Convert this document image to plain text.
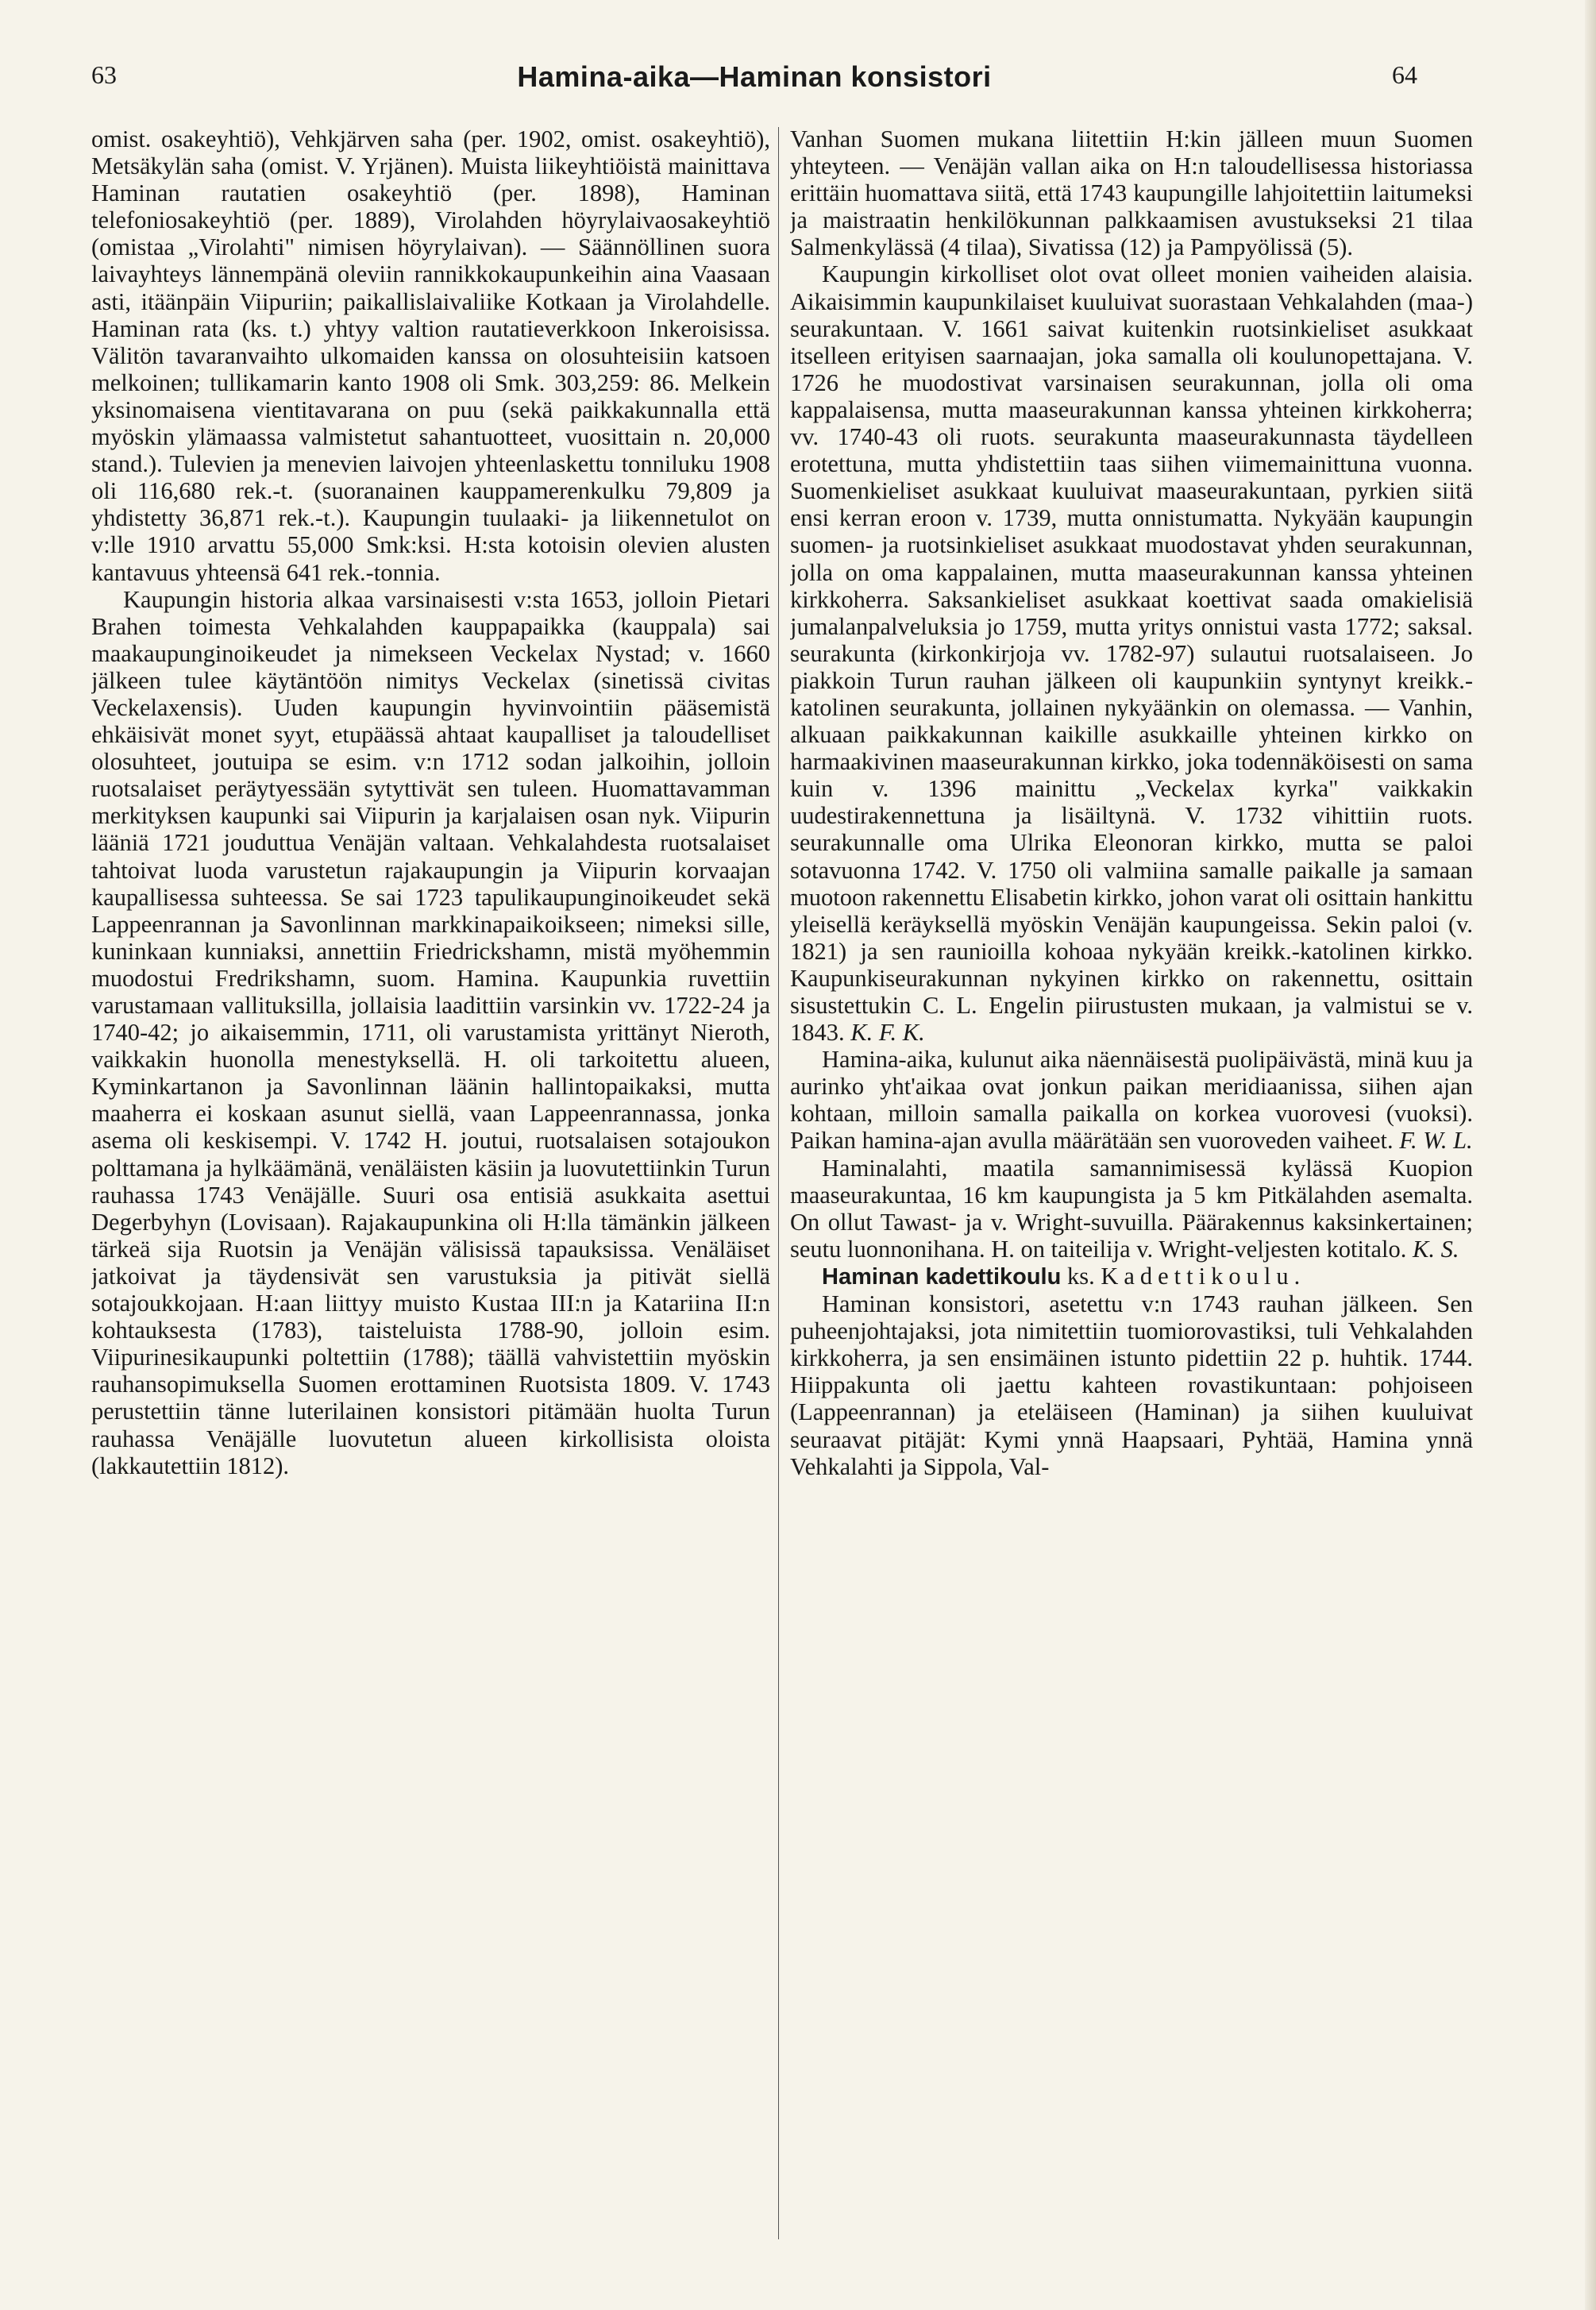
63	Hamina-aika—Haminan konsistori	64

omist. osakeyhtiö), Vehkjärven saha (per. 1902, omist. osakeyhtiö), Metsäkylän saha (omist. V. Yrjänen). Muista liikeyhtiöistä mainittava Haminan rautatien osakeyhtiö (per. 1898), Haminan telefoniosakeyhtiö (per. 1889), Virolahden höyrylaivaosakeyhtiö (omistaa „Virolahti" nimisen höyrylaivan). — Säännöllinen suora laivayhteys lännempänä oleviin rannikkokaupunkeihin aina Vaasaan asti, itäänpäin Viipuriin; paikallislaivaliike Kotkaan ja Virolahdelle. Haminan rata (ks. t.) yhtyy valtion rautatieverkkoon Inkeroisissa. Välitön tavaranvaihto ulkomaiden kanssa on olosuhteisiin katsoen melkoinen; tullikamarin kanto 1908 oli Smk. 303,259: 86. Melkein yksinomaisena vientitavarana on puu (sekä paikkakunnalla että myöskin ylämaassa valmistetut sahantuotteet, vuosittain n. 20,000 stand.). Tulevien ja menevien laivojen yhteenlaskettu tonniluku 1908 oli 116,680 rek.-t. (suoranainen kauppamerenkulku 79,809 ja yhdistetty 36,871 rek.-t.). Kaupungin tuulaaki- ja liikennetulot on v:lle 1910 arvattu 55,000 Smk:ksi. H:sta kotoisin olevien alusten kantavuus yhteensä 641 rek.-tonnia.

Kaupungin historia alkaa varsinaisesti v:sta 1653, jolloin Pietari Brahen toimesta Vehkalahden kauppapaikka (kauppala) sai maakaupunginoikeudet ja nimekseen Veckelax Nystad; v. 1660 jälkeen tulee käytäntöön nimitys Veckelax (sinetissä civitas Veckelaxensis). Uuden kaupungin hyvinvointiin pääsemistä ehkäisivät monet syyt, etupäässä ahtaat kaupalliset ja taloudelliset olosuhteet, joutuipa se esim. v:n 1712 sodan jalkoihin, jolloin ruotsalaiset peräytyessään sytyttivät sen tuleen. Huomattavamman merkityksen kaupunki sai Viipurin ja karjalaisen osan nyk. Viipurin lääniä 1721 jouduttua Venäjän valtaan. Vehkalahdesta ruotsalaiset tahtoivat luoda varustetun rajakaupungin ja Viipurin korvaajan kaupallisessa suhteessa. Se sai 1723 tapulikaupunginoikeudet sekä Lappeenrannan ja Savonlinnan markkinapaikoikseen; nimeksi sille, kuninkaan kunniaksi, annettiin Friedrickshamn, mistä myöhemmin muodostui Fredrikshamn, suom. Hamina. Kaupunkia ruvettiin varustamaan vallituksilla, jollaisia laadittiin varsinkin vv. 1722-24 ja 1740-42; jo aikaisemmin, 1711, oli varustamista yrittänyt Nieroth, vaikkakin huonolla menestyksellä. H. oli tarkoitettu alueen, Kyminkartanon ja Savonlinnan läänin hallintopaikaksi, mutta maaherra ei koskaan asunut siellä, vaan Lappeenrannassa, jonka asema oli keskisempi. V. 1742 H. joutui, ruotsalaisen sotajoukon polttamana ja hylkäämänä, venäläisten käsiin ja luovutettiinkin Turun rauhassa 1743 Venäjälle. Suuri osa entisiä asukkaita asettui Degerbyhyn (Lovisaan). Rajakaupunkina oli H:lla tämänkin jälkeen tärkeä sija Ruotsin ja Venäjän välisissä tapauksissa. Venäläiset jatkoivat ja täydensivät sen varustuksia ja pitivät siellä sotajoukkojaan. H:aan liittyy muisto Kustaa III:n ja Katariina II:n kohtauksesta (1783), taisteluista 1788-90, jolloin esim. Viipurinesikaupunki poltettiin (1788); täällä vahvistettiin myöskin rauhansopimuksella Suomen erottaminen Ruotsista 1809. V. 1743 perustettiin tänne luterilainen konsistori pitämään huolta Turun rauhassa Venäjälle luovutetun alueen kirkollisista oloista (lakkautettiin 1812).

Vanhan Suomen mukana liitettiin H:kin jälleen muun Suomen yhteyteen. — Venäjän vallan aika on H:n taloudellisessa historiassa erittäin huomattava siitä, että 1743 kaupungille lahjoitettiin laitumeksi ja maistraatin henkilökunnan palkkaamisen avustukseksi 21 tilaa Salmenkylässä (4 tilaa), Sivatissa (12) ja Pampyölissä (5).

Kaupungin kirkolliset olot ovat olleet monien vaiheiden alaisia. Aikaisimmin kaupunkilaiset kuuluivat suorastaan Vehkalahden (maa-) seurakuntaan. V. 1661 saivat kuitenkin ruotsinkieliset asukkaat itselleen erityisen saarnaajan, joka samalla oli koulunopettajana. V. 1726 he muodostivat varsinaisen seurakunnan, jolla oli oma kappalaisensa, mutta maaseurakunnan kanssa yhteinen kirkkoherra; vv. 1740-43 oli ruots. seurakunta maaseurakunnasta täydelleen erotettuna, mutta yhdistettiin taas siihen viimemainittuna vuonna. Suomenkieliset asukkaat kuuluivat maaseurakuntaan, pyrkien siitä ensi kerran eroon v. 1739, mutta onnistumatta. Nykyään kaupungin suomen- ja ruotsinkieliset asukkaat muodostavat yhden seurakunnan, jolla on oma kappalainen, mutta maaseurakunnan kanssa yhteinen kirkkoherra. Saksankieliset asukkaat koettivat saada omakielisiä jumalanpalveluksia jo 1759, mutta yritys onnistui vasta 1772; saksal. seurakunta (kirkonkirjoja vv. 1782-97) sulautui ruotsalaiseen. Jo piakkoin Turun rauhan jälkeen oli kaupunkiin syntynyt kreikk.-katolinen seurakunta, jollainen nykyäänkin on olemassa. — Vanhin, alkuaan paikkakunnan kaikille asukkaille yhteinen kirkko on harmaakivinen maaseurakunnan kirkko, joka todennäköisesti on sama kuin v. 1396 mainittu „Veckelax kyrka" vaikkakin uudestirakennettuna ja lisäiltynä. V. 1732 vihittiin ruots. seurakunnalle oma Ulrika Eleonoran kirkko, mutta se paloi sotavuonna 1742. V. 1750 oli valmiina samalle paikalle ja samaan muotoon rakennettu Elisabetin kirkko, johon varat oli osittain hankittu yleisellä keräyksellä myöskin Venäjän kaupungeissa. Sekin paloi (v. 1821) ja sen raunioilla kohoaa nykyään kreikk.-katolinen kirkko. Kaupunkiseurakunnan nykyinen kirkko on rakennettu, osittain sisustettukin C. L. Engelin piirustusten mukaan, ja valmistui se v. 1843. K. F. K.

Hamina-aika, kulunut aika näennäisestä puolipäivästä, minä kuu ja aurinko yht'aikaa ovat jonkun paikan meridiaanissa, siihen ajan kohtaan, milloin samalla paikalla on korkea vuorovesi (vuoksi). Paikan hamina-ajan avulla määrätään sen vuoroveden vaiheet. F. W. L.

Haminalahti, maatila samannimisessä kylässä Kuopion maaseurakuntaa, 16 km kaupungista ja 5 km Pitkälahden asemalta. On ollut Tawast- ja v. Wright-suvuilla. Päärakennus kaksinkertainen; seutu luonnonihana. H. on taiteilija v. Wright-veljesten kotitalo. K. S.

Haminan kadettikoulu ks. Kadettikoulu.

Haminan konsistori, asetettu v:n 1743 rauhan jälkeen. Sen puheenjohtajaksi, jota nimitettiin tuomiorovastiksi, tuli Vehkalahden kirkkoherra, ja sen ensimäinen istunto pidettiin 22 p. huhtik. 1744. Hiippakunta oli jaettu kahteen rovastikuntaan: pohjoiseen (Lappeenrannan) ja eteläiseen (Haminan) ja siihen kuuluivat seuraavat pitäjät: Kymi ynnä Haapsaari, Pyhtää, Hamina ynnä Vehkalahti ja Sippola, Val-
